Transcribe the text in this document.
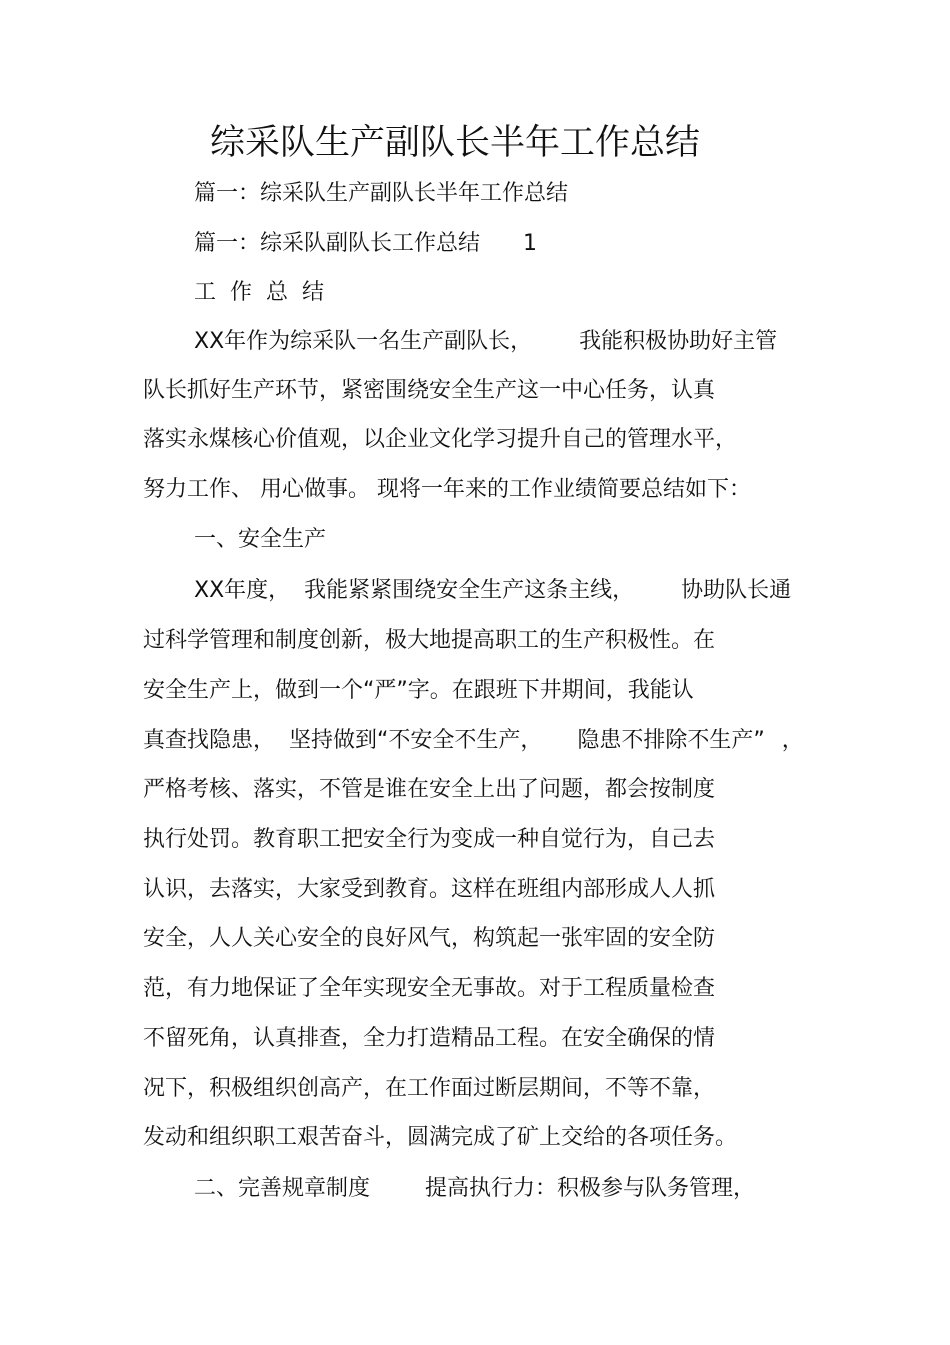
综采队生产副队长半年工作总结
篇一：综采队生产副队长半年工作总结
篇一：综采队副队长工作总结 1
工  作  总  结
XX年作为综采队一名生产副队长， 我能积极协助好主管
队长抓好生产环节，紧密围绕安全生产这一中心任务，认真
落实永煤核心价值观，以企业文化学习提升自己的管理水平，
努力工作、 用心做事。 现将一年来的工作业绩简要总结如下：
一、安全生产
XX年度，  我能紧紧围绕安全生产这条主线， 协助队长通
过科学管理和制度创新，极大地提高职工的生产积极性。在
安全生产上，做到一个“严”字。在跟班下井期间，我能认
真查找隐患，  坚持做到“不安全不生产， 隐患不排除不生产” ，
严格考核、落实，不管是谁在安全上出了问题，都会按制度
执行处罚。教育职工把安全行为变成一种自觉行为，自己去
认识，去落实，大家受到教育。这样在班组内部形成人人抓
安全，人人关心安全的良好风气，构筑起一张牢固的安全防
范，有力地保证了全年实现安全无事故。对于工程质量检查
不留死角，认真排查，全力打造精品工程。在安全确保的情
况下，积极组织创高产，在工作面过断层期间，不等不靠，
发动和组织职工艰苦奋斗，圆满完成了矿上交给的各项任务。
二、完善规章制度	提高执行力：积极参与队务管理，
